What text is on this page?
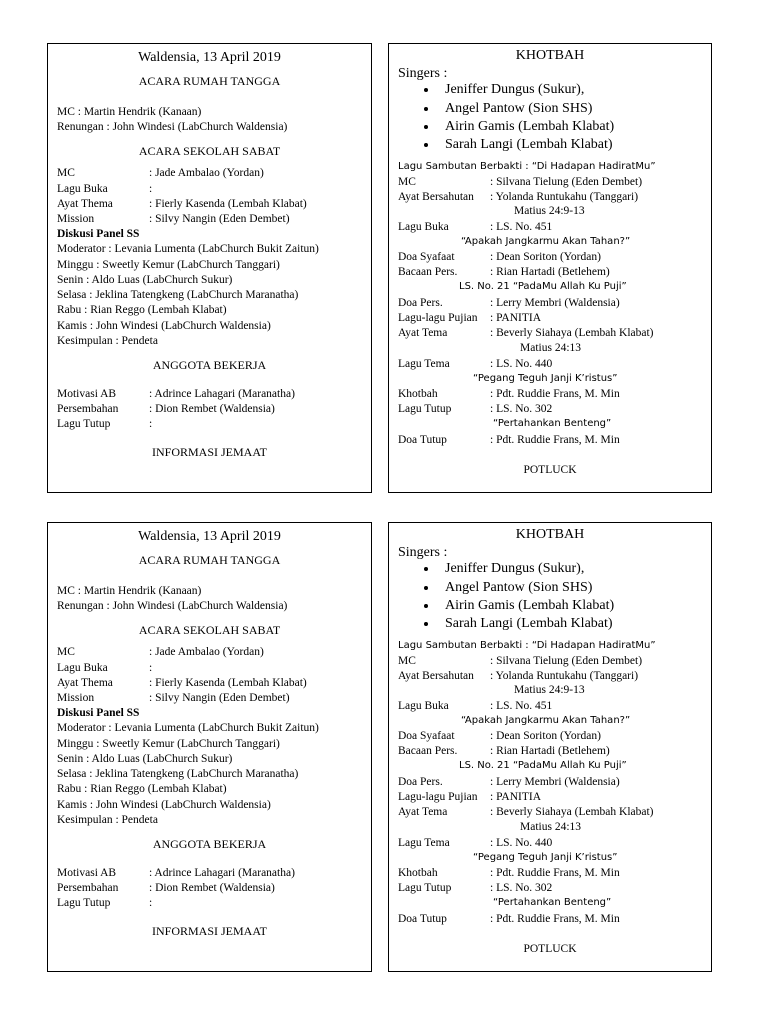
Waldensia, 13 April 2019
ACARA RUMAH TANGGA
MC : Martin Hendrik (Kanaan)
Renungan : John Windesi (LabChurch Waldensia)
ACARA SEKOLAH SABAT
MC	: Jade Ambalao (Yordan)
Lagu Buka	:
Ayat Thema	: Fierly Kasenda (Lembah Klabat)
Mission	: Silvy Nangin (Eden Dembet)
Diskusi Panel SS
Moderator : Levania Lumenta (LabChurch Bukit Zaitun)
Minggu : Sweetly Kemur (LabChurch Tanggari)
Senin : Aldo Luas (LabChurch Sukur)
Selasa : Jeklina Tatengkeng (LabChurch Maranatha)
Rabu : Rian Reggo (Lembah Klabat)
Kamis : John Windesi (LabChurch Waldensia)
Kesimpulan : Pendeta
ANGGOTA BEKERJA
Motivasi AB	: Adrince Lahagari (Maranatha)
Persembahan	: Dion Rembet (Waldensia)
Lagu Tutup	:
INFORMASI JEMAAT
KHOTBAH
Singers :
Jeniffer Dungus (Sukur),
Angel Pantow (Sion SHS)
Airin Gamis (Lembah Klabat)
Sarah Langi (Lembah Klabat)
Lagu Sambutan Berbakti : “Di Hadapan HadiratMu”
MC	: Silvana Tielung (Eden Dembet)
Ayat Bersahutan : Yolanda Runtukahu (Tanggari)
Matius 24:9-13
Lagu Buka	: LS. No. 451
“Apakah Jangkarmu Akan Tahan?”
Doa Syafaat	: Dean Soriton (Yordan)
Bacaan Pers.	: Rian Hartadi (Betlehem)
LS. No. 21 “PadaMu Allah Ku Puji”
Doa Pers.	: Lerry Membri (Waldensia)
Lagu-lagu Pujian : PANITIA
Ayat Tema	: Beverly Siahaya (Lembah Klabat)
Matius 24:13
Lagu Tema	: LS. No. 440
“Pegang Teguh Janji K’ristus”
Khotbah	: Pdt. Ruddie Frans, M. Min
Lagu Tutup	: LS. No. 302
“Pertahankan Benteng”
Doa Tutup	: Pdt. Ruddie Frans, M. Min
POTLUCK
Waldensia, 13 April 2019
ACARA RUMAH TANGGA
MC : Martin Hendrik (Kanaan)
Renungan : John Windesi (LabChurch Waldensia)
ACARA SEKOLAH SABAT
MC	: Jade Ambalao (Yordan)
Lagu Buka	:
Ayat Thema	: Fierly Kasenda (Lembah Klabat)
Mission	: Silvy Nangin (Eden Dembet)
Diskusi Panel SS
Moderator : Levania Lumenta (LabChurch Bukit Zaitun)
Minggu : Sweetly Kemur (LabChurch Tanggari)
Senin : Aldo Luas (LabChurch Sukur)
Selasa : Jeklina Tatengkeng (LabChurch Maranatha)
Rabu : Rian Reggo (Lembah Klabat)
Kamis : John Windesi (LabChurch Waldensia)
Kesimpulan : Pendeta
ANGGOTA BEKERJA
Motivasi AB	: Adrince Lahagari (Maranatha)
Persembahan	: Dion Rembet (Waldensia)
Lagu Tutup	:
INFORMASI JEMAAT
KHOTBAH
Singers :
Jeniffer Dungus (Sukur),
Angel Pantow (Sion SHS)
Airin Gamis (Lembah Klabat)
Sarah Langi (Lembah Klabat)
Lagu Sambutan Berbakti : “Di Hadapan HadiratMu”
MC	: Silvana Tielung (Eden Dembet)
Ayat Bersahutan : Yolanda Runtukahu (Tanggari)
Matius 24:9-13
Lagu Buka	: LS. No. 451
“Apakah Jangkarmu Akan Tahan?”
Doa Syafaat	: Dean Soriton (Yordan)
Bacaan Pers.	: Rian Hartadi (Betlehem)
LS. No. 21 “PadaMu Allah Ku Puji”
Doa Pers.	: Lerry Membri (Waldensia)
Lagu-lagu Pujian : PANITIA
Ayat Tema	: Beverly Siahaya (Lembah Klabat)
Matius 24:13
Lagu Tema	: LS. No. 440
“Pegang Teguh Janji K’ristus”
Khotbah	: Pdt. Ruddie Frans, M. Min
Lagu Tutup	: LS. No. 302
“Pertahankan Benteng”
Doa Tutup	: Pdt. Ruddie Frans, M. Min
POTLUCK
